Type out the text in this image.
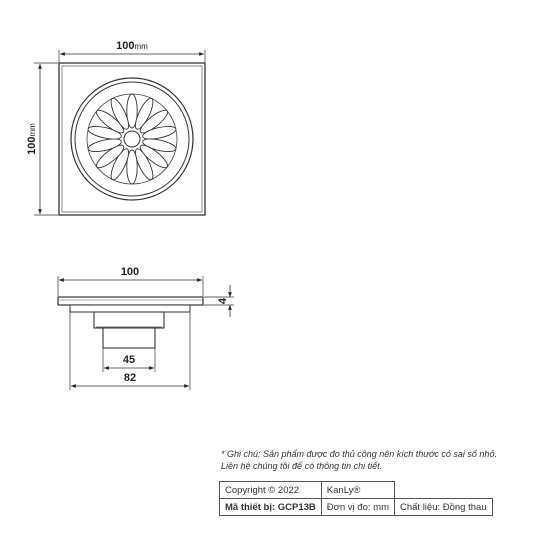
100mm
100mm
100
4
45
82
* Ghi chú: Sản phẩm được đo thủ công nên kích thước có sai số nhỏ.
Liên hệ chúng tôi để có thông tin chi tiết.
Copyright © 2022	KanLy®	
Mã thiết bị: GCP13B	Đơn vị đo: mm	Chất liệu: Đồng thau
